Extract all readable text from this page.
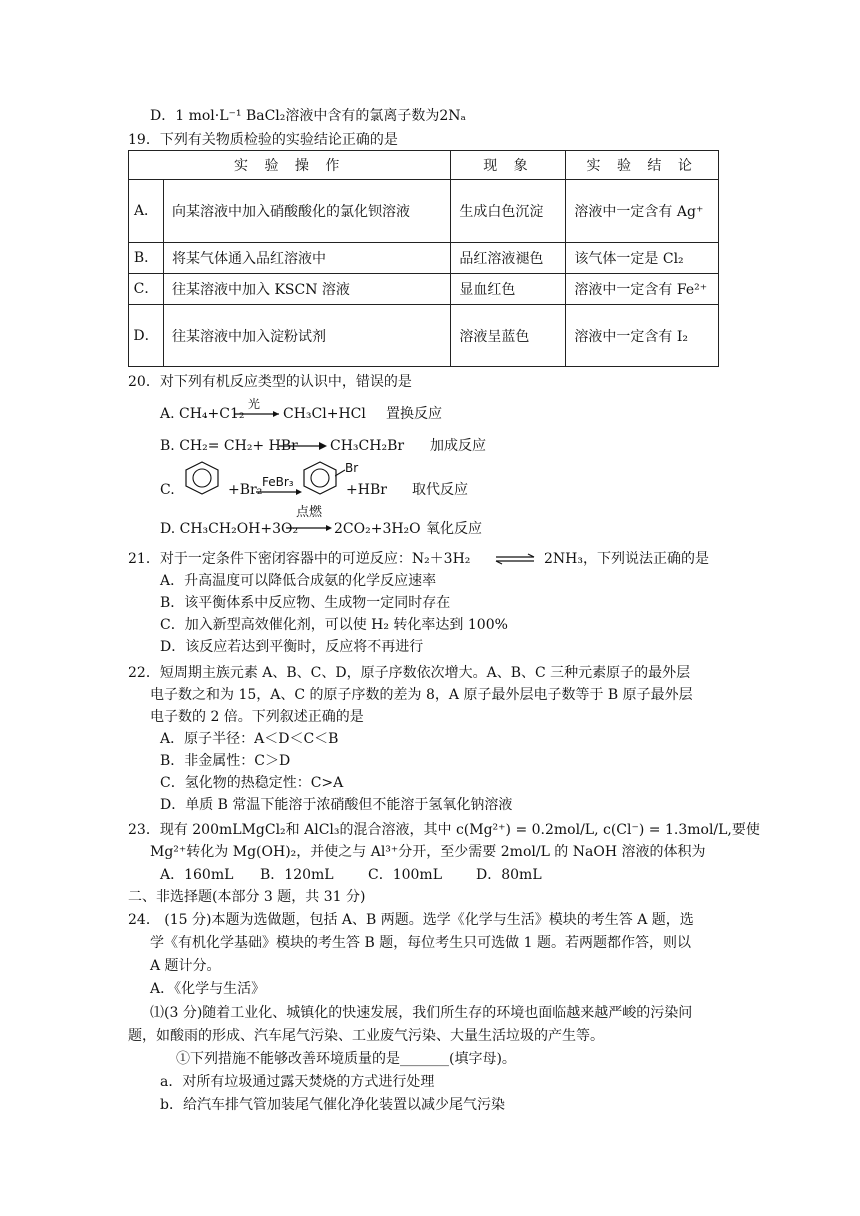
D．1 mol·L⁻¹ BaCl₂溶液中含有的氯离子数为2Nₐ
19．下列有关物质检验的实验结论正确的是
实 验 操 作		现 象	实 验 结 论
A．	向某溶液中加入硝酸酸化的氯化钡溶液	生成白色沉淀	溶液中一定含有 Ag⁺
B．	将某气体通入品红溶液中	品红溶液褪色	该气体一定是 Cl₂
C．	往某溶液中加入 KSCN 溶液	显血红色	溶液中一定含有 Fe²⁺
D．	往某溶液中加入淀粉试剂	溶液呈蓝色	溶液中一定含有 I₂
20．对下列有机反应类型的认识中，错误的是
A. CH₄+C1₂
光
→ CH₃Cl+HCl 置换反应
B. CH₂= CH₂+ HBr → CH₃CH₂Br 加成反应
C.	+Br₂ FeBr₃
Br
+HBr 取代反应
D. CH₃CH₂OH+3O₂
点燃
2CO₂+3H₂O 氧化反应
21．对于一定条件下密闭容器中的可逆反应：N₂＋3H₂ ⇌ 2NH₃，下列说法正确的是
A．升高温度可以降低合成氨的化学反应速率
B．该平衡体系中反应物、生成物一定同时存在
C．加入新型高效催化剂，可以使 H₂ 转化率达到 100%
D．该反应若达到平衡时，反应将不再进行
22．短周期主族元素 A、B、C、D，原子序数依次增大。A、B、C 三种元素原子的最外层
电子数之和为 15，A、C 的原子序数的差为 8，A 原子最外层电子数等于 B 原子最外层
电子数的 2 倍。下列叙述正确的是
A．原子半径：A＜D＜C＜B
B．非金属性：C＞D
C．氢化物的热稳定性：C>A
D．单质 B 常温下能溶于浓硝酸但不能溶于氢氧化钠溶液
23．现有 200mLMgCl₂和 AlCl₃的混合溶液，其中 c(Mg²⁺) = 0.2mol/L, c(Cl⁻) = 1.3mol/L,要使
Mg²⁺转化为 Mg(OH)₂，并使之与 Al³⁺分开，至少需要 2mol/L 的 NaOH 溶液的体积为
A．160mL B．120mL C．100mL D．80mL
二、非选择题(本部分 3 题，共 31 分)
24． (15 分)本题为选做题，包括 A、B 两题。选学《化学与生活》模块的考生答 A 题，选
学《有机化学基础》模块的考生答 B 题，每位考生只可选做 1 题。若两题都作答，则以
A 题计分。
A．《化学与生活》
⑴(3 分)随着工业化、城镇化的快速发展，我们所生存的环境也面临越来越严峻的污染问
题，如酸雨的形成、汽车尾气污染、工业废气污染、大量生活垃圾的产生等。
①下列措施不能够改善环境质量的是_______(填字母)。
a．对所有垃圾通过露天焚烧的方式进行处理
b．给汽车排气管加装尾气催化净化装置以减少尾气污染
